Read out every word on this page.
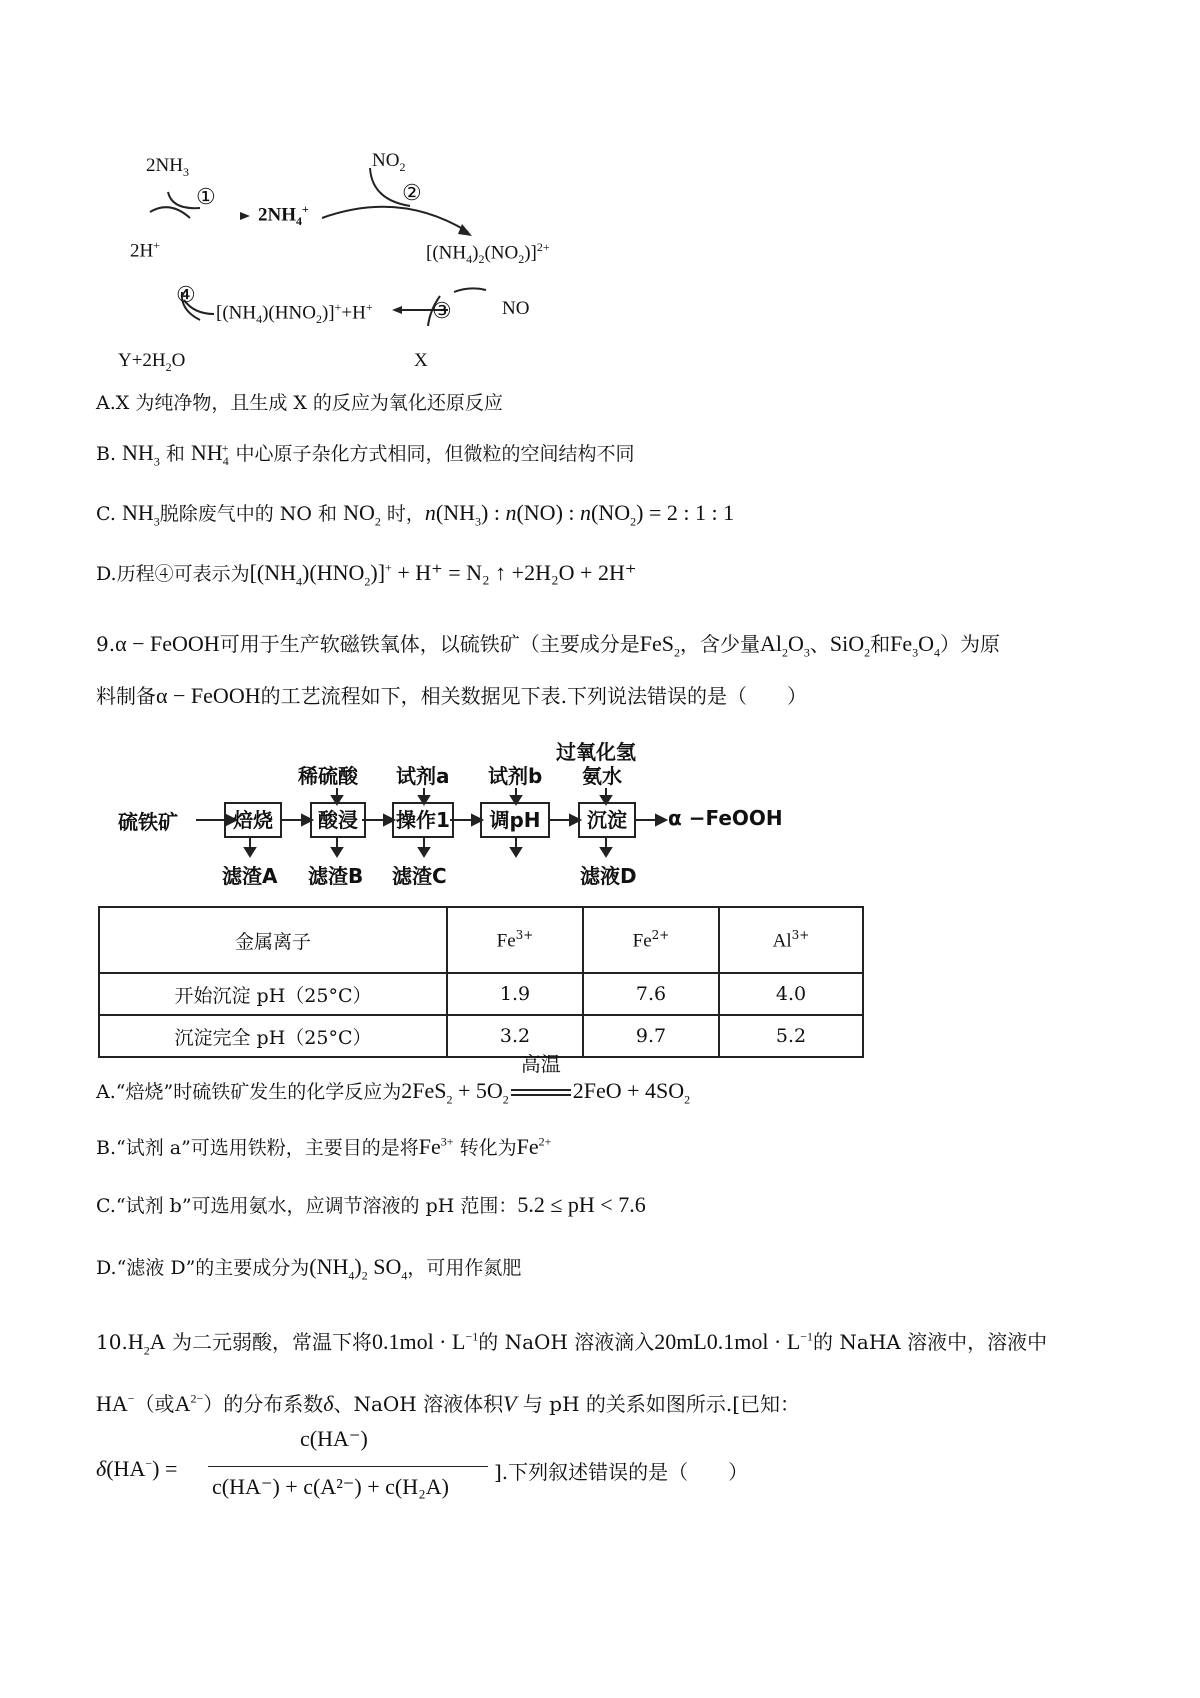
$2NH_3$
①
$2NH_4^+$
2H+
$NO_2$
②
$[(NH_4)_2(NO_2)]^{2+}$
$[(NH_4)(HNO_2)]^++H^+$	③	NO
④
$Y+2H_2O$	X
A.X 为纯净物，且生成 X 的反应为氧化还原反应
B. $NH_3$ 和 $NH_4^+$ 中心原子杂化方式相同，但微粒的空间结构不同
C. $NH_3$脱除废气中的 NO 和 $NO_2$ 时，$n(NH_3)$ : n(NO) : $n(NO_2) = 2$ : 1 : 1
D.历程④可表示为$[(NH_4)(HNO_2)]^+ + H^+ = N_2$ ↑ +2H₂O + 2H⁺
9.α − FeOOH可用于生产软磁铁氧体，以硫铁矿（主要成分是FeS$_2$，含少量$Al_2O_3$、SiO$_2$和$Fe_3O_4$）为原
料制备α − FeOOH的工艺流程如下，相关数据见下表.下列说法错误的是（　　）
硫铁矿	焙烧	酸浸	操作1	调pH	沉淀	α −FeOOH
稀硫酸 试剂a 试剂b
过氧化氢
氨水
滤渣A 滤渣B 滤渣C	滤液D
金属离子	$Fe^{3+}$	$Fe^{2+}$	$Al^{3+}$
开始沉淀 pH（25°C）	1.9	7.6	4.0
沉淀完全 pH（25°C）	3.2	9.7	5.2
A.“焙烧”时硫铁矿发生的化学反应为$2FeS_2 + 5O_2$
高温
$2FeO + 4SO_2$
B.“试剂 a”可选用铁粉，主要目的是将$Fe^{3+}$ 转化为$Fe^{2+}$
C.“试剂 b”可选用氨水，应调节溶液的 pH 范围：5.2 ≤ pH < 7.6
D.“滤液 D”的主要成分为$(NH_4)_2$ $SO_4$，可用作氮肥
$10.H_2A$ 为二元弱酸，常温下将$0.1mol \cdot L^{-1}$的 NaOH 溶液滴入$20mL0.1mol \cdot L^{-1}$的 NaHA 溶液中，溶液中
HA−（或$A^{2-}$）的分布系数δ、NaOH 溶液体积V 与 pH 的关系如图所示.[已知：
δ(HA−) =
c(HA⁻)
c(HA⁻) + c(A²⁻) + c(H₂A)
].下列叙述错误的是（　　）
